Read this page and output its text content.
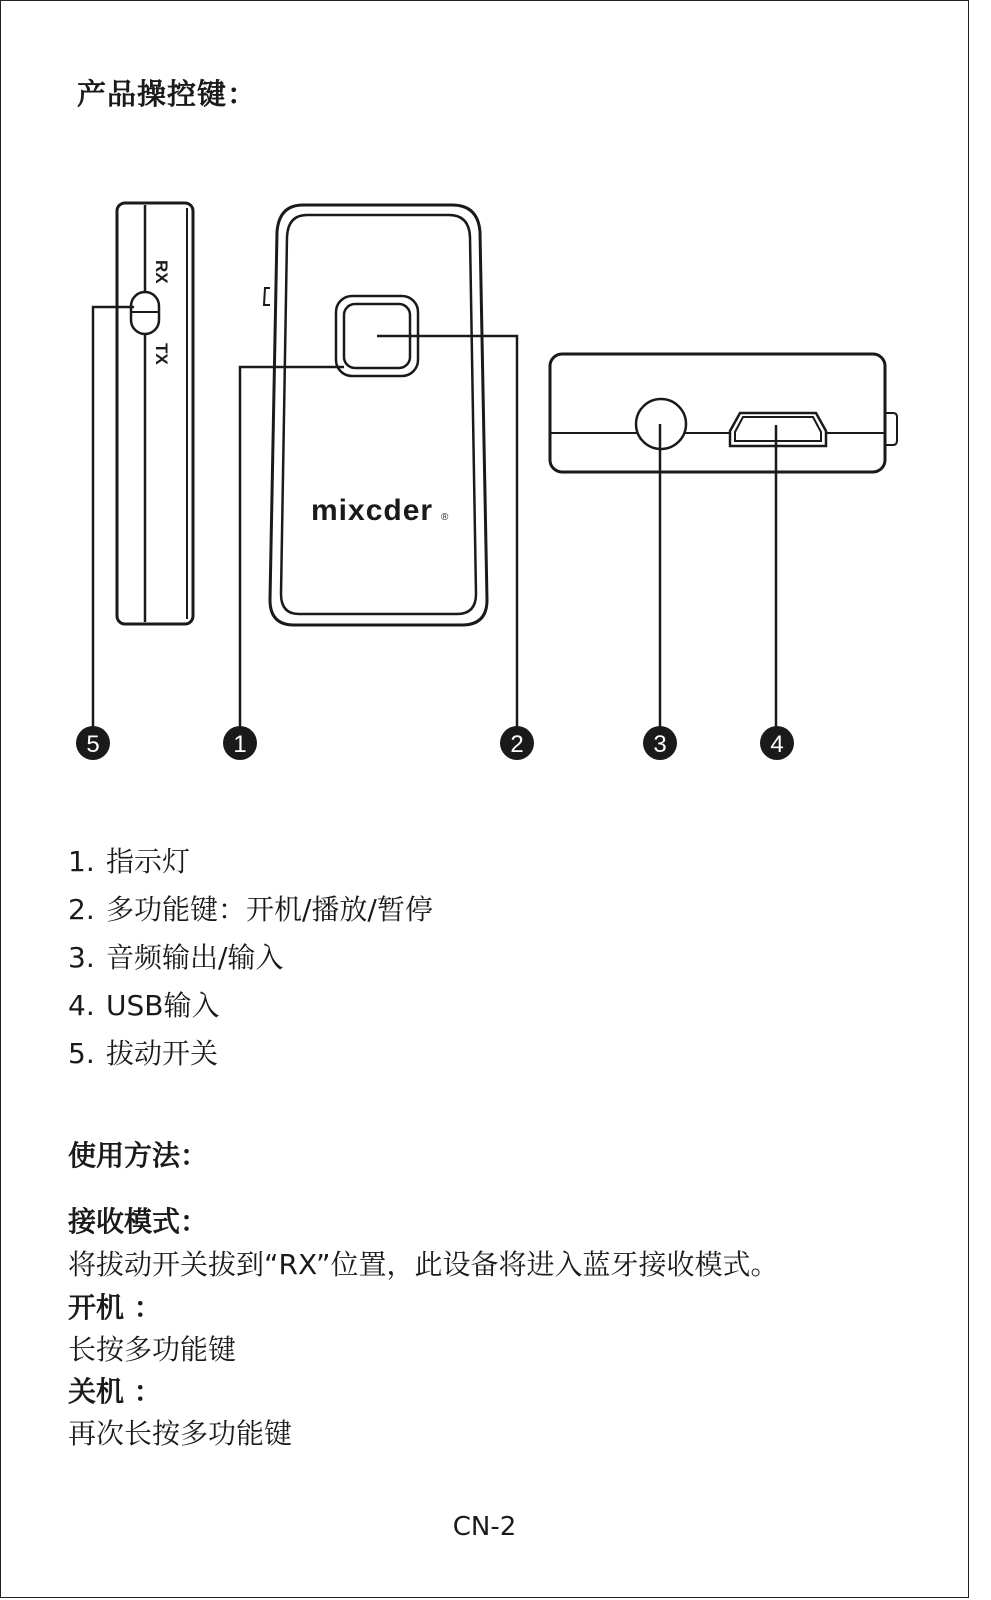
产品操控键：
RX
TX
mixcder ®
5	1	2	3	4
1. 指示灯
2. 多功能键：开机/播放/暂停
3. 音频输出/输入
4. USB输入
5. 拔动开关
使用方法：
接收模式：
将拔动开关拔到“RX”位置，此设备将进入蓝牙接收模式。
开机 ：
长按多功能键
关机 ：
再次长按多功能键
CN-2
